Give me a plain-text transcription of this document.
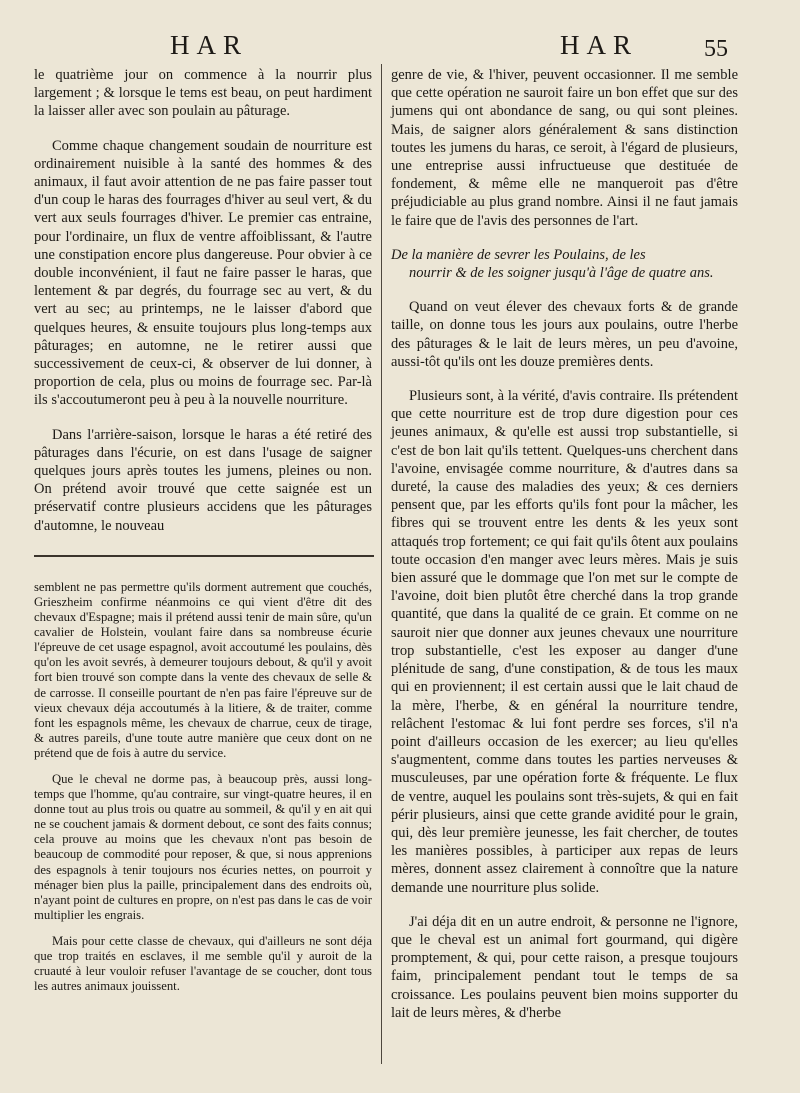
HAR	HAR	55

le quatrième jour on commence à la nourrir plus largement ; & lorsque le tems est beau, on peut hardiment la laisser aller avec son poulain au pâturage.

Comme chaque changement soudain de nourriture est ordinairement nuisible à la santé des hommes & des animaux, il faut avoir attention de ne pas faire passer tout d'un coup le haras des fourrages d'hiver au seul vert, & du vert aux seuls fourrages d'hiver. Le premier cas entraine, pour l'ordinaire, un flux de ventre affoiblissant, & l'autre une constipation encore plus dangereuse. Pour obvier à ce double inconvénient, il faut ne faire passer le haras, que lentement & par degrés, du fourrage sec au vert, & du vert au sec; au printemps, ne le laisser d'abord que quelques heures, & ensuite toujours plus long-temps aux pâturages; en automne, ne le retirer aussi que successivement de ceux-ci, & observer de lui donner, à proportion de cela, plus ou moins de fourrage sec. Par-là ils s'accoutumeront peu à peu à la nouvelle nourriture.

Dans l'arrière-saison, lorsque le haras a été retiré des pâturages dans l'écurie, on est dans l'usage de saigner quelques jours après toutes les jumens, pleines ou non. On prétend avoir trouvé que cette saignée est un préservatif contre plusieurs accidens que les pâturages d'automne, le nouveau

semblent ne pas permettre qu'ils dorment autrement que couchés, Grieszheim confirme néanmoins ce qui vient d'être dit des chevaux d'Espagne; mais il prétend aussi tenir de main sûre, qu'un cavalier de Holstein, voulant faire dans sa nombreuse écurie l'épreuve de cet usage espagnol, avoit accoutumé les poulains, dès qu'on les avoit sevrés, à demeurer toujours debout, & qu'il y avoit fort bien trouvé son compte dans la vente des chevaux de selle & de carrosse. Il conseille pourtant de n'en pas faire l'épreuve sur de vieux chevaux déja accoutumés à la litiere, & de traiter, comme font les espagnols même, les chevaux de charrue, ceux de tirage, & autres pareils, d'une toute autre manière que ceux dont on ne prétend que de fois à autre du service.

Que le cheval ne dorme pas, à beaucoup près, aussi long-temps que l'homme, qu'au contraire, sur vingt-quatre heures, il en donne tout au plus trois ou quatre au sommeil, & qu'il y en ait qui ne se couchent jamais & dorment debout, ce sont des faits connus; cela prouve au moins que les chevaux n'ont pas besoin de beaucoup de commodité pour reposer, & que, si nous apprenions des espagnols à tenir toujours nos écuries nettes, on pourroit y ménager bien plus la paille, principalement dans des endroits où, n'ayant point de cultures en propre, on n'est pas dans le cas de voir multiplier les engrais.

Mais pour cette classe de chevaux, qui d'ailleurs ne sont déja que trop traités en esclaves, il me semble qu'il y auroit de la cruauté à leur vouloir refuser l'avantage de se coucher, dont tous les autres animaux jouissent.

genre de vie, & l'hiver, peuvent occasionner. Il me semble que cette opération ne sauroit faire un bon effet que sur des jumens qui ont abondance de sang, ou qui sont pleines. Mais, de saigner alors généralement & sans distinction toutes les jumens du haras, ce seroit, à l'égard de plusieurs, une entreprise aussi infructueuse que destituée de fondement, & même elle ne manqueroit pas d'être préjudiciable au plus grand nombre. Ainsi il ne faut jamais le faire que de l'avis des personnes de l'art.

De la manière de sevrer les Poulains, de les
nourrir & de les soigner jusqu'à l'âge de quatre ans.

Quand on veut élever des chevaux forts & de grande taille, on donne tous les jours aux poulains, outre l'herbe des pâturages & le lait de leurs mères, un peu d'avoine, aussi-tôt qu'ils ont les douze premières dents.

Plusieurs sont, à la vérité, d'avis contraire. Ils prétendent que cette nourriture est de trop dure digestion pour ces jeunes animaux, & qu'elle est aussi trop substantielle, si c'est de bon lait qu'ils tettent. Quelques-uns cherchent dans l'avoine, envisagée comme nourriture, & d'autres dans sa dureté, la cause des maladies des yeux; & ces derniers pensent que, par les efforts qu'ils font pour la mâcher, les fibres qui se trouvent entre les dents & les yeux sont attaqués trop fortement; ce qui fait qu'ils ôtent aux poulains toute occasion d'en manger avec leurs mères. Mais je suis bien assuré que le dommage que l'on met sur le compte de l'avoine, doit bien plutôt être cherché dans la trop grande quantité, que dans la qualité de ce grain. Et comme on ne sauroit nier que donner aux jeunes chevaux une nourriture trop substantielle, c'est les exposer au danger d'une plénitude de sang, d'une constipation, & de tous les maux qui en proviennent; il est certain aussi que le lait chaud de la mère, l'herbe, & en général la nourriture tendre, relâchent l'estomac & lui font perdre ses forces, s'il n'a point d'ailleurs occasion de les exercer; au lieu qu'elles s'augmentent, comme dans toutes les parties nerveuses & musculeuses, par une opération forte & fréquente. Le flux de ventre, auquel les poulains sont très-sujets, & qui en fait périr plusieurs, ainsi que cette grande avidité pour le grain, qui, dès leur première jeunesse, les fait chercher, de toutes les manières possibles, à participer aux repas de leurs mères, donnent assez clairement à connoître que la nature demande une nourriture plus solide.

J'ai déja dit en un autre endroit, & personne ne l'ignore, que le cheval est un animal fort gourmand, qui digère promptement, & qui, pour cette raison, a presque toujours faim, principalement pendant tout le temps de sa croissance. Les poulains peuvent bien moins supporter du lait de leurs mères, & d'herbe
